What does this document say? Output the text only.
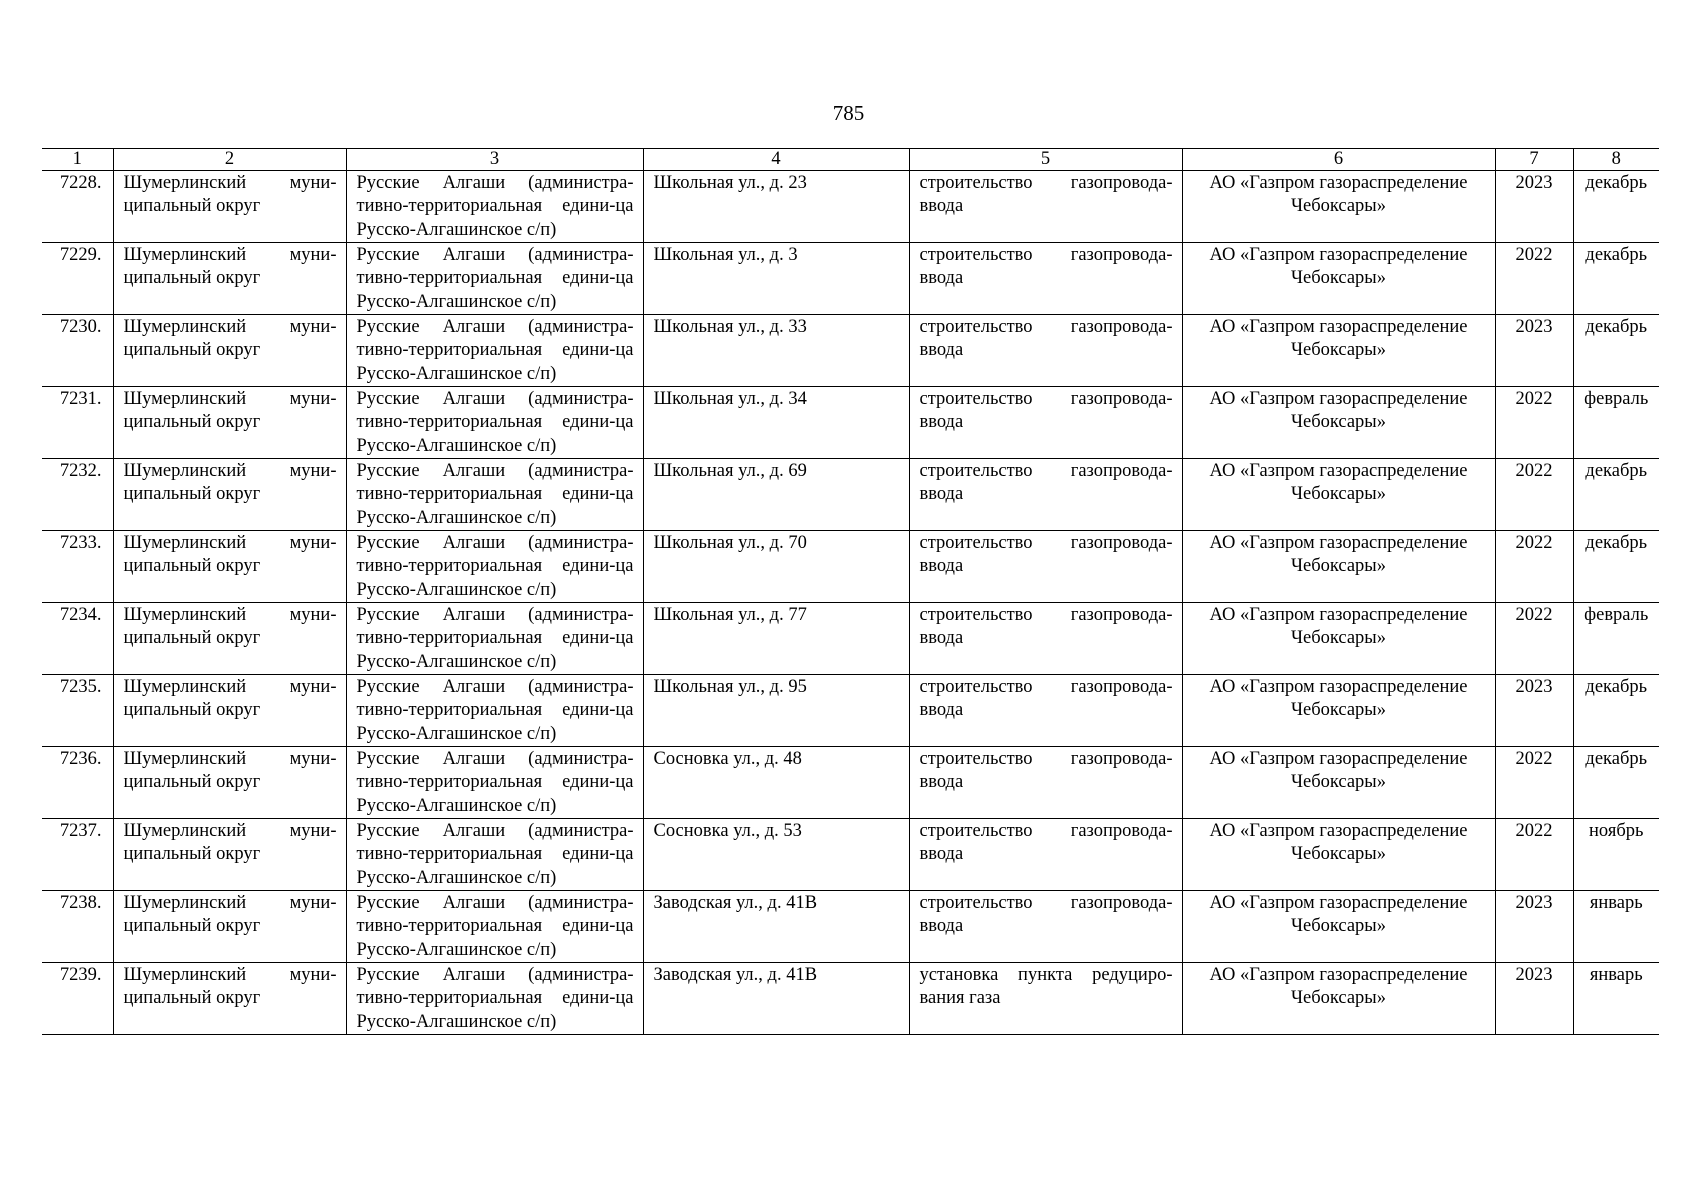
785
1	2	3	4	5	6	7	8
7228.	Шумерлинский муни-ципальный округ	Русские Алгаши (администра-тивно-территориальная едини-ца Русско-Алгашинское с/п)	Школьная ул., д. 23	строительство газопровода-ввода	АО «Газпром газораспределение Чебоксары»	2023	декабрь
7229.	Шумерлинский муни-ципальный округ	Русские Алгаши (администра-тивно-территориальная едини-ца Русско-Алгашинское с/п)	Школьная ул., д. 3	строительство газопровода-ввода	АО «Газпром газораспределение Чебоксары»	2022	декабрь
7230.	Шумерлинский муни-ципальный округ	Русские Алгаши (администра-тивно-территориальная едини-ца Русско-Алгашинское с/п)	Школьная ул., д. 33	строительство газопровода-ввода	АО «Газпром газораспределение Чебоксары»	2023	декабрь
7231.	Шумерлинский муни-ципальный округ	Русские Алгаши (администра-тивно-территориальная едини-ца Русско-Алгашинское с/п)	Школьная ул., д. 34	строительство газопровода-ввода	АО «Газпром газораспределение Чебоксары»	2022	февраль
7232.	Шумерлинский муни-ципальный округ	Русские Алгаши (администра-тивно-территориальная едини-ца Русско-Алгашинское с/п)	Школьная ул., д. 69	строительство газопровода-ввода	АО «Газпром газораспределение Чебоксары»	2022	декабрь
7233.	Шумерлинский муни-ципальный округ	Русские Алгаши (администра-тивно-территориальная едини-ца Русско-Алгашинское с/п)	Школьная ул., д. 70	строительство газопровода-ввода	АО «Газпром газораспределение Чебоксары»	2022	декабрь
7234.	Шумерлинский муни-ципальный округ	Русские Алгаши (администра-тивно-территориальная едини-ца Русско-Алгашинское с/п)	Школьная ул., д. 77	строительство газопровода-ввода	АО «Газпром газораспределение Чебоксары»	2022	февраль
7235.	Шумерлинский муни-ципальный округ	Русские Алгаши (администра-тивно-территориальная едини-ца Русско-Алгашинское с/п)	Школьная ул., д. 95	строительство газопровода-ввода	АО «Газпром газораспределение Чебоксары»	2023	декабрь
7236.	Шумерлинский муни-ципальный округ	Русские Алгаши (администра-тивно-территориальная едини-ца Русско-Алгашинское с/п)	Сосновка ул., д. 48	строительство газопровода-ввода	АО «Газпром газораспределение Чебоксары»	2022	декабрь
7237.	Шумерлинский муни-ципальный округ	Русские Алгаши (администра-тивно-территориальная едини-ца Русско-Алгашинское с/п)	Сосновка ул., д. 53	строительство газопровода-ввода	АО «Газпром газораспределение Чебоксары»	2022	ноябрь
7238.	Шумерлинский муни-ципальный округ	Русские Алгаши (администра-тивно-территориальная едини-ца Русско-Алгашинское с/п)	Заводская ул., д. 41В	строительство газопровода-ввода	АО «Газпром газораспределение Чебоксары»	2023	январь
7239.	Шумерлинский муни-ципальный округ	Русские Алгаши (администра-тивно-территориальная едини-ца Русско-Алгашинское с/п)	Заводская ул., д. 41В	установка пункта редуциро-вания газа	АО «Газпром газораспределение Чебоксары»	2023	январь
